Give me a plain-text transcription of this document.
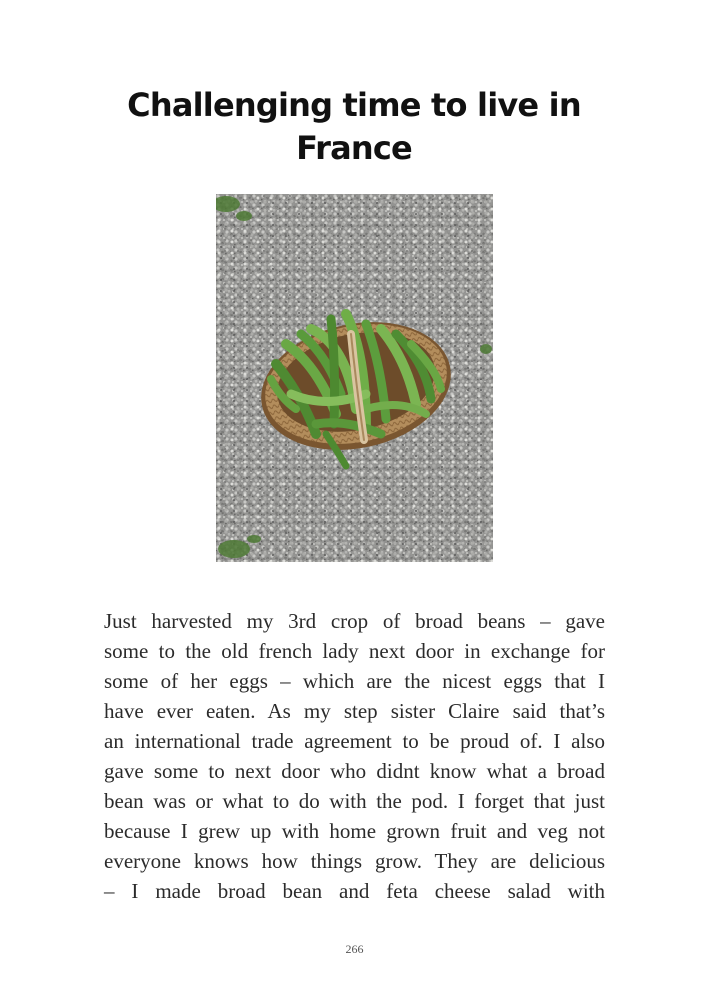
Challenging time to live in France
Just harvested my 3rd crop of broad beans – gave
some to the old french lady next door in exchange for
some of her eggs – which are the nicest eggs that I
have ever eaten. As my step sister Claire said that’s
an international trade agreement to be proud of. I also
gave some to next door who didnt know what a broad
bean was or what to do with the pod. I forget that just
because I grew up with home grown fruit and veg not
everyone knows how things grow. They are delicious
– I made broad bean and feta cheese salad with
266
